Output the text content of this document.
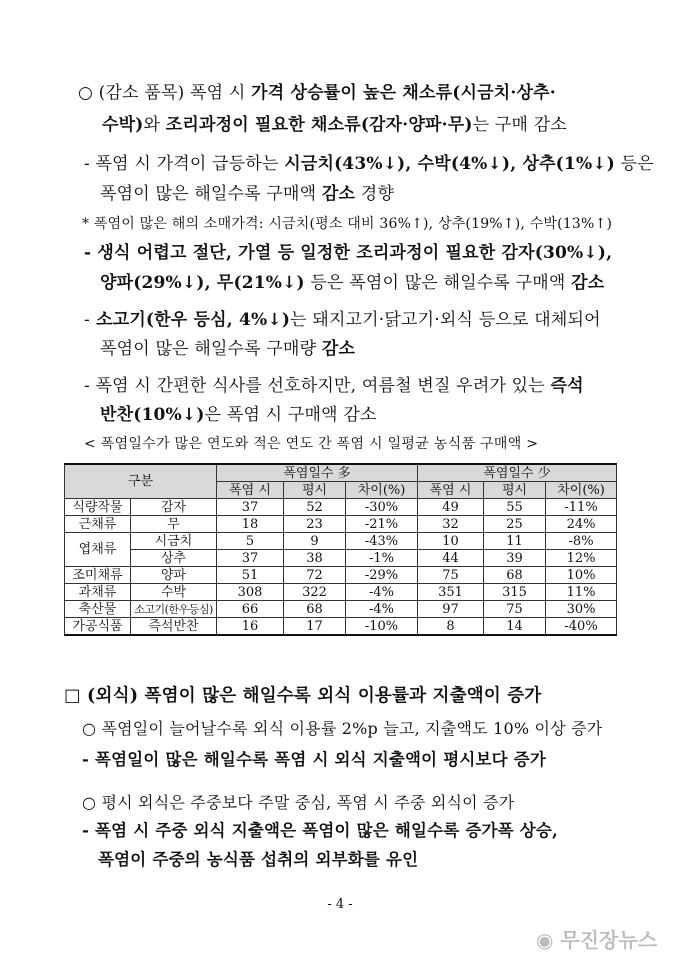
○ (감소 품목) 폭염 시 가격 상승률이 높은 채소류(시금치·상추·
수박)와 조리과정이 필요한 채소류(감자·양파·무)는 구매 감소
- 폭염 시 가격이 급등하는 시금치(43%↓), 수박(4%↓), 상추(1%↓) 등은
폭염이 많은 해일수록 구매액 감소 경향
* 폭염이 많은 해의 소매가격: 시금치(평소 대비 36%↑), 상추(19%↑), 수박(13%↑)
- 생식 어렵고 절단, 가열 등 일정한 조리과정이 필요한 감자(30%↓),
양파(29%↓), 무(21%↓) 등은 폭염이 많은 해일수록 구매액 감소
- 소고기(한우 등심, 4%↓)는 돼지고기·닭고기·외식 등으로 대체되어
폭염이 많은 해일수록 구매량 감소
- 폭염 시 간편한 식사를 선호하지만, 여름철 변질 우려가 있는 즉석
반찬(10%↓)은 폭염 시 구매액 감소
< 폭염일수가 많은 연도와 적은 연도 간 폭염 시 일평균 농식품 구매액 >
구분		폭염일수 多			폭염일수 少		
		폭염 시	평시	차이(%)	폭염 시	평시	차이(%)
식량작물	감자	37	52	-30%	49	55	-11%
근채류	무	18	23	-21%	32	25	24%
엽채류	시금치	5	9	-43%	10	11	-8%
	상추	37	38	-1%	44	39	12%
조미채류	양파	51	72	-29%	75	68	10%
과채류	수박	308	322	-4%	351	315	11%
축산물	소고기(한우등심)	66	68	-4%	97	75	30%
가공식품	즉석반찬	16	17	-10%	8	14	-40%
□ (외식) 폭염이 많은 해일수록 외식 이용률과 지출액이 증가
○ 폭염일이 늘어날수록 외식 이용률 2%p 늘고, 지출액도 10% 이상 증가
- 폭염일이 많은 해일수록 폭염 시 외식 지출액이 평시보다 증가
○ 평시 외식은 주중보다 주말 중심, 폭염 시 주중 외식이 증가
- 폭염 시 주중 외식 지출액은 폭염이 많은 해일수록 증가폭 상승,
폭염이 주중의 농식품 섭취의 외부화를 유인
- 4 -
◉ 무진장뉴스
